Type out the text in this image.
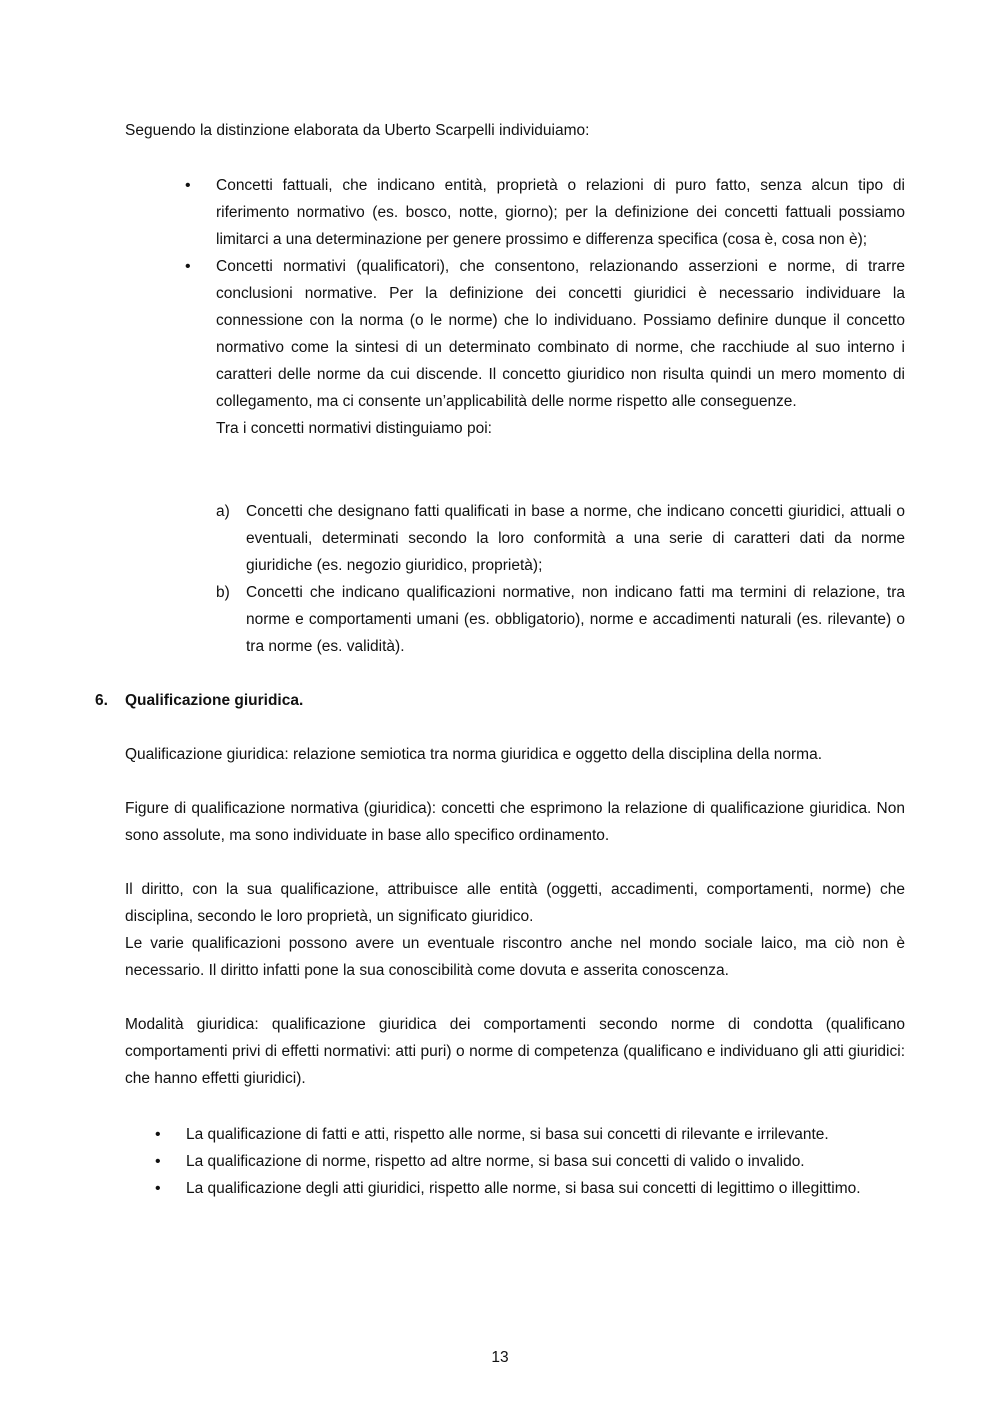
Seguendo la distinzione elaborata da Uberto Scarpelli individuiamo:

• Concetti fattuali, che indicano entità, proprietà o relazioni di puro fatto, senza alcun tipo di riferimento normativo (es. bosco, notte, giorno); per la definizione dei concetti fattuali possiamo limitarci a una determinazione per genere prossimo e differenza specifica (cosa è, cosa non è);
• Concetti normativi (qualificatori), che consentono, relazionando asserzioni e norme, di trarre conclusioni normative. Per la definizione dei concetti giuridici è necessario individuare la connessione con la norma (o le norme) che lo individuano. Possiamo definire dunque il concetto normativo come la sintesi di un determinato combinato di norme, che racchiude al suo interno i caratteri delle norme da cui discende. Il concetto giuridico non risulta quindi un mero momento di collegamento, ma ci consente un’applicabilità delle norme rispetto alle conseguenze.
Tra i concetti normativi distinguiamo poi:
a) Concetti che designano fatti qualificati in base a norme, che indicano concetti giuridici, attuali o eventuali, determinati secondo la loro conformità a una serie di caratteri dati da norme giuridiche (es. negozio giuridico, proprietà);
b) Concetti che indicano qualificazioni normative, non indicano fatti ma termini di relazione, tra norme e comportamenti umani (es. obbligatorio), norme e accadimenti naturali (es. rilevante) o tra norme (es. validità).
6. Qualificazione giuridica.

Qualificazione giuridica: relazione semiotica tra norma giuridica e oggetto della disciplina della norma.

Figure di qualificazione normativa (giuridica): concetti che esprimono la relazione di qualificazione giuridica. Non sono assolute, ma sono individuate in base allo specifico ordinamento.

Il diritto, con la sua qualificazione, attribuisce alle entità (oggetti, accadimenti, comportamenti, norme) che disciplina, secondo le loro proprietà, un significato giuridico.

Le varie qualificazioni possono avere un eventuale riscontro anche nel mondo sociale laico, ma ciò non è necessario. Il diritto infatti pone la sua conoscibilità come dovuta e asserita conoscenza.

Modalità giuridica: qualificazione giuridica dei comportamenti secondo norme di condotta (qualificano comportamenti privi di effetti normativi: atti puri) o norme di competenza (qualificano e individuano gli atti giuridici: che hanno effetti giuridici).

• La qualificazione di fatti e atti, rispetto alle norme, si basa sui concetti di rilevante e irrilevante.
• La qualificazione di norme, rispetto ad altre norme, si basa sui concetti di valido o invalido.
• La qualificazione degli atti giuridici, rispetto alle norme, si basa sui concetti di legittimo o illegittimo.
13
